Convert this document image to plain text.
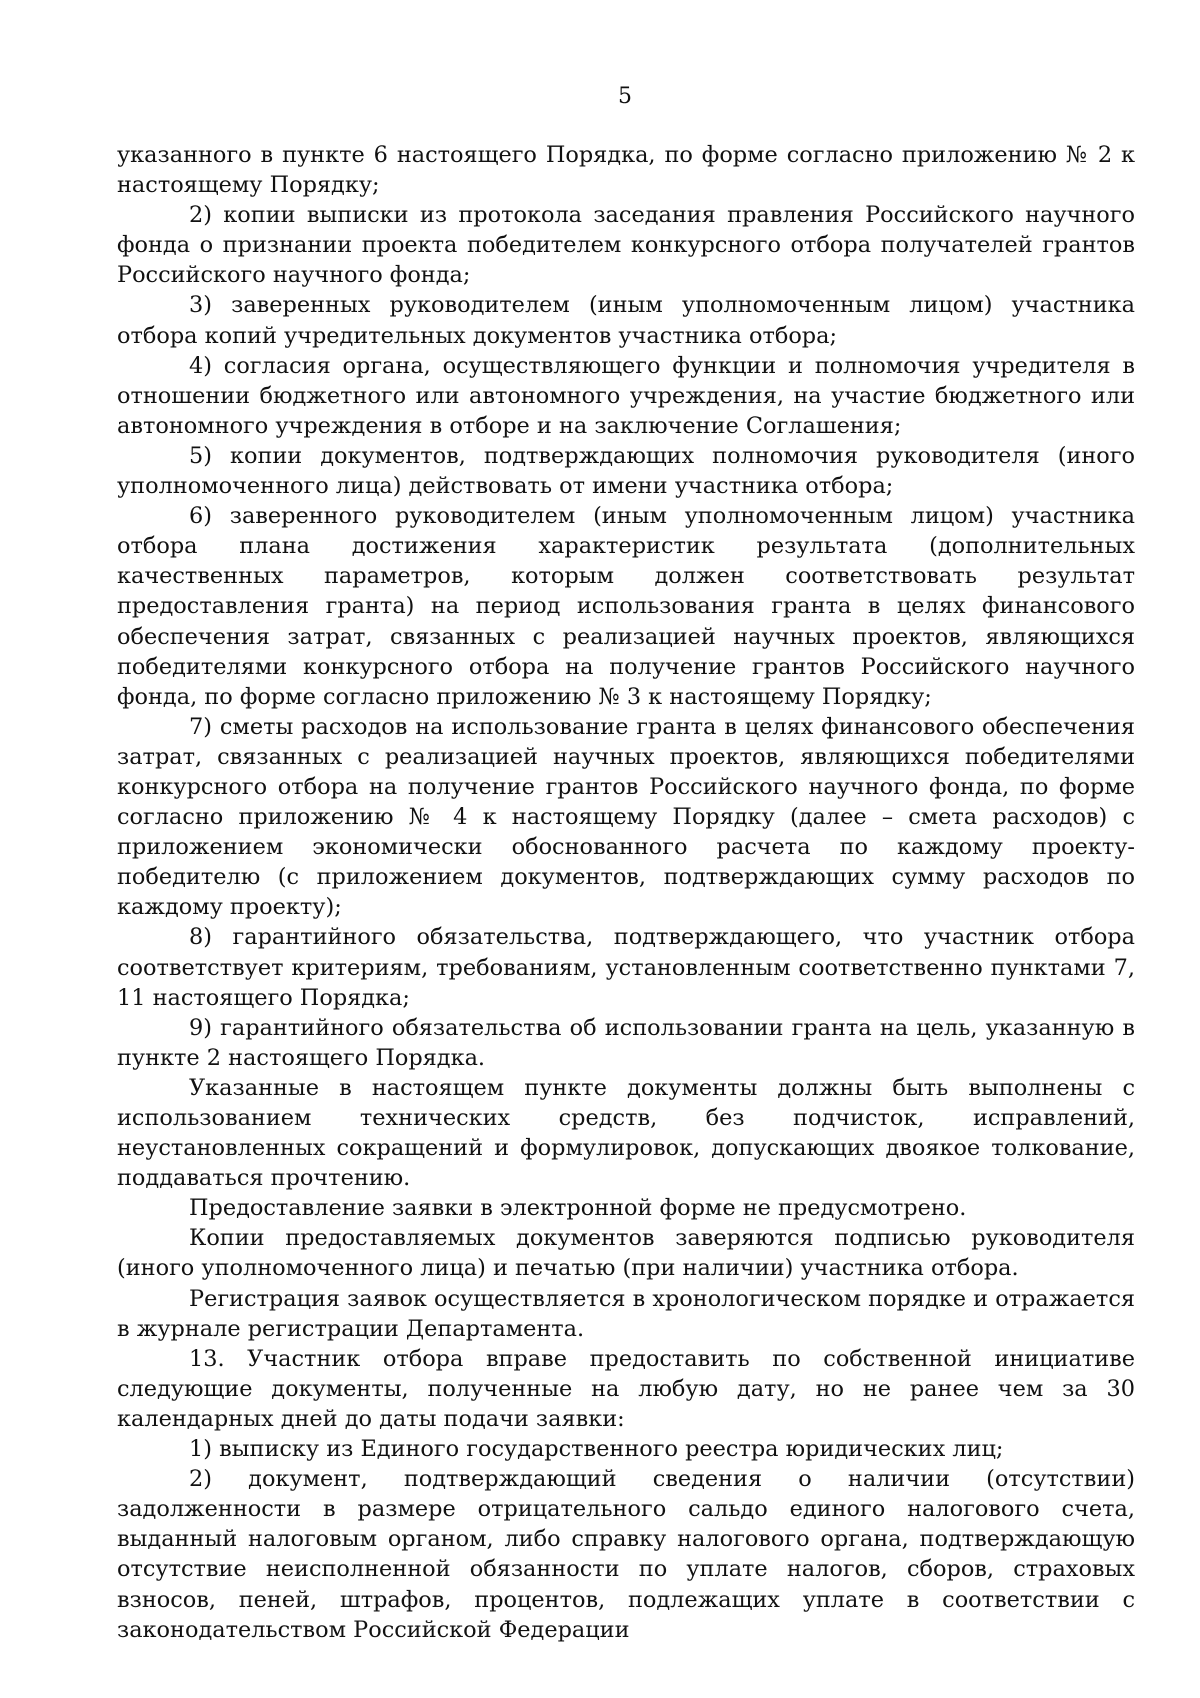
5

указанного в пункте 6 настоящего Порядка, по форме согласно приложению № 2 к настоящему Порядку;

2) копии выписки из протокола заседания правления Российского научного фонда о признании проекта победителем конкурсного отбора получателей грантов Российского научного фонда;

3) заверенных руководителем (иным уполномоченным лицом) участника отбора копий учредительных документов участника отбора;

4) согласия органа, осуществляющего функции и полномочия учредителя в отношении бюджетного или автономного учреждения, на участие бюджетного или автономного учреждения в отборе и на заключение Соглашения;

5) копии документов, подтверждающих полномочия руководителя (иного уполномоченного лица) действовать от имени участника отбора;

6) заверенного руководителем (иным уполномоченным лицом) участника отбора плана достижения характеристик результата (дополнительных качественных параметров, которым должен соответствовать результат предоставления гранта) на период использования гранта в целях финансового обеспечения затрат, связанных с реализацией научных проектов, являющихся победителями конкурсного отбора на получение грантов Российского научного фонда, по форме согласно приложению № 3 к настоящему Порядку;

7) сметы расходов на использование гранта в целях финансового обеспечения затрат, связанных с реализацией научных проектов, являющихся победителями конкурсного отбора на получение грантов Российского научного фонда, по форме согласно приложению № 4 к настоящему Порядку (далее – смета расходов) с приложением экономически обоснованного расчета по каждому проекту-победителю (с приложением документов, подтверждающих сумму расходов по каждому проекту);

8) гарантийного обязательства, подтверждающего, что участник отбора соответствует критериям, требованиям, установленным соответственно пунктами 7, 11 настоящего Порядка;

9) гарантийного обязательства об использовании гранта на цель, указанную в пункте 2 настоящего Порядка.

Указанные в настоящем пункте документы должны быть выполнены с использованием технических средств, без подчисток, исправлений, неустановленных сокращений и формулировок, допускающих двоякое толкование, поддаваться прочтению.

Предоставление заявки в электронной форме не предусмотрено.

Копии предоставляемых документов заверяются подписью руководителя (иного уполномоченного лица) и печатью (при наличии) участника отбора.

Регистрация заявок осуществляется в хронологическом порядке и отражается в журнале регистрации Департамента.

13. Участник отбора вправе предоставить по собственной инициативе следующие документы, полученные на любую дату, но не ранее чем за 30 календарных дней до даты подачи заявки:

1) выписку из Единого государственного реестра юридических лиц;

2) документ, подтверждающий сведения о наличии (отсутствии) задолженности в размере отрицательного сальдо единого налогового счета, выданный налоговым органом, либо справку налогового органа, подтверждающую отсутствие неисполненной обязанности по уплате налогов, сборов, страховых взносов, пеней, штрафов, процентов, подлежащих уплате в соответствии с законодательством Российской Федерации
